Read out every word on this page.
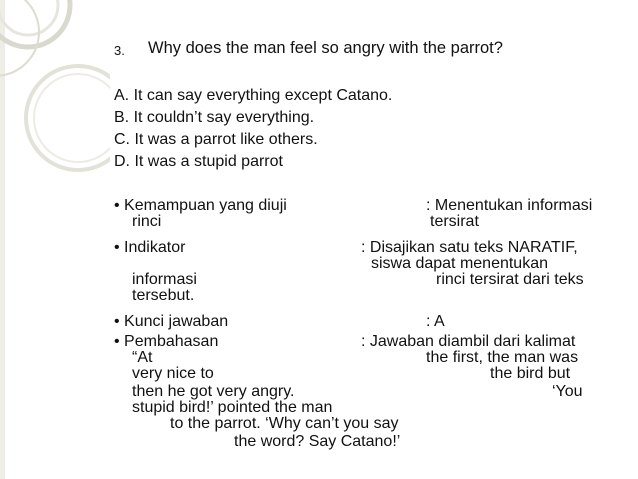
3. Why does the man feel so angry with the parrot?
A. It can say everything except Catano.
B. It couldn’t say everything.
C. It was a parrot like others.
D. It was a stupid parrot
• Kemampuan yang diuji	: Menentukan informasi
rinci	tersirat
• Indikator	: Disajikan satu teks NARATIF,
siswa dapat menentukan
informasi	rinci tersirat dari teks
tersebut.
• Kunci jawaban	: A
• Pembahasan	: Jawaban diambil dari kalimat
“At	the first, the man was
very nice to	the bird but
then he got very angry.	‘You
stupid bird!’ pointed the man
to the parrot. ‘Why can’t you say
the word? Say Catano!’
